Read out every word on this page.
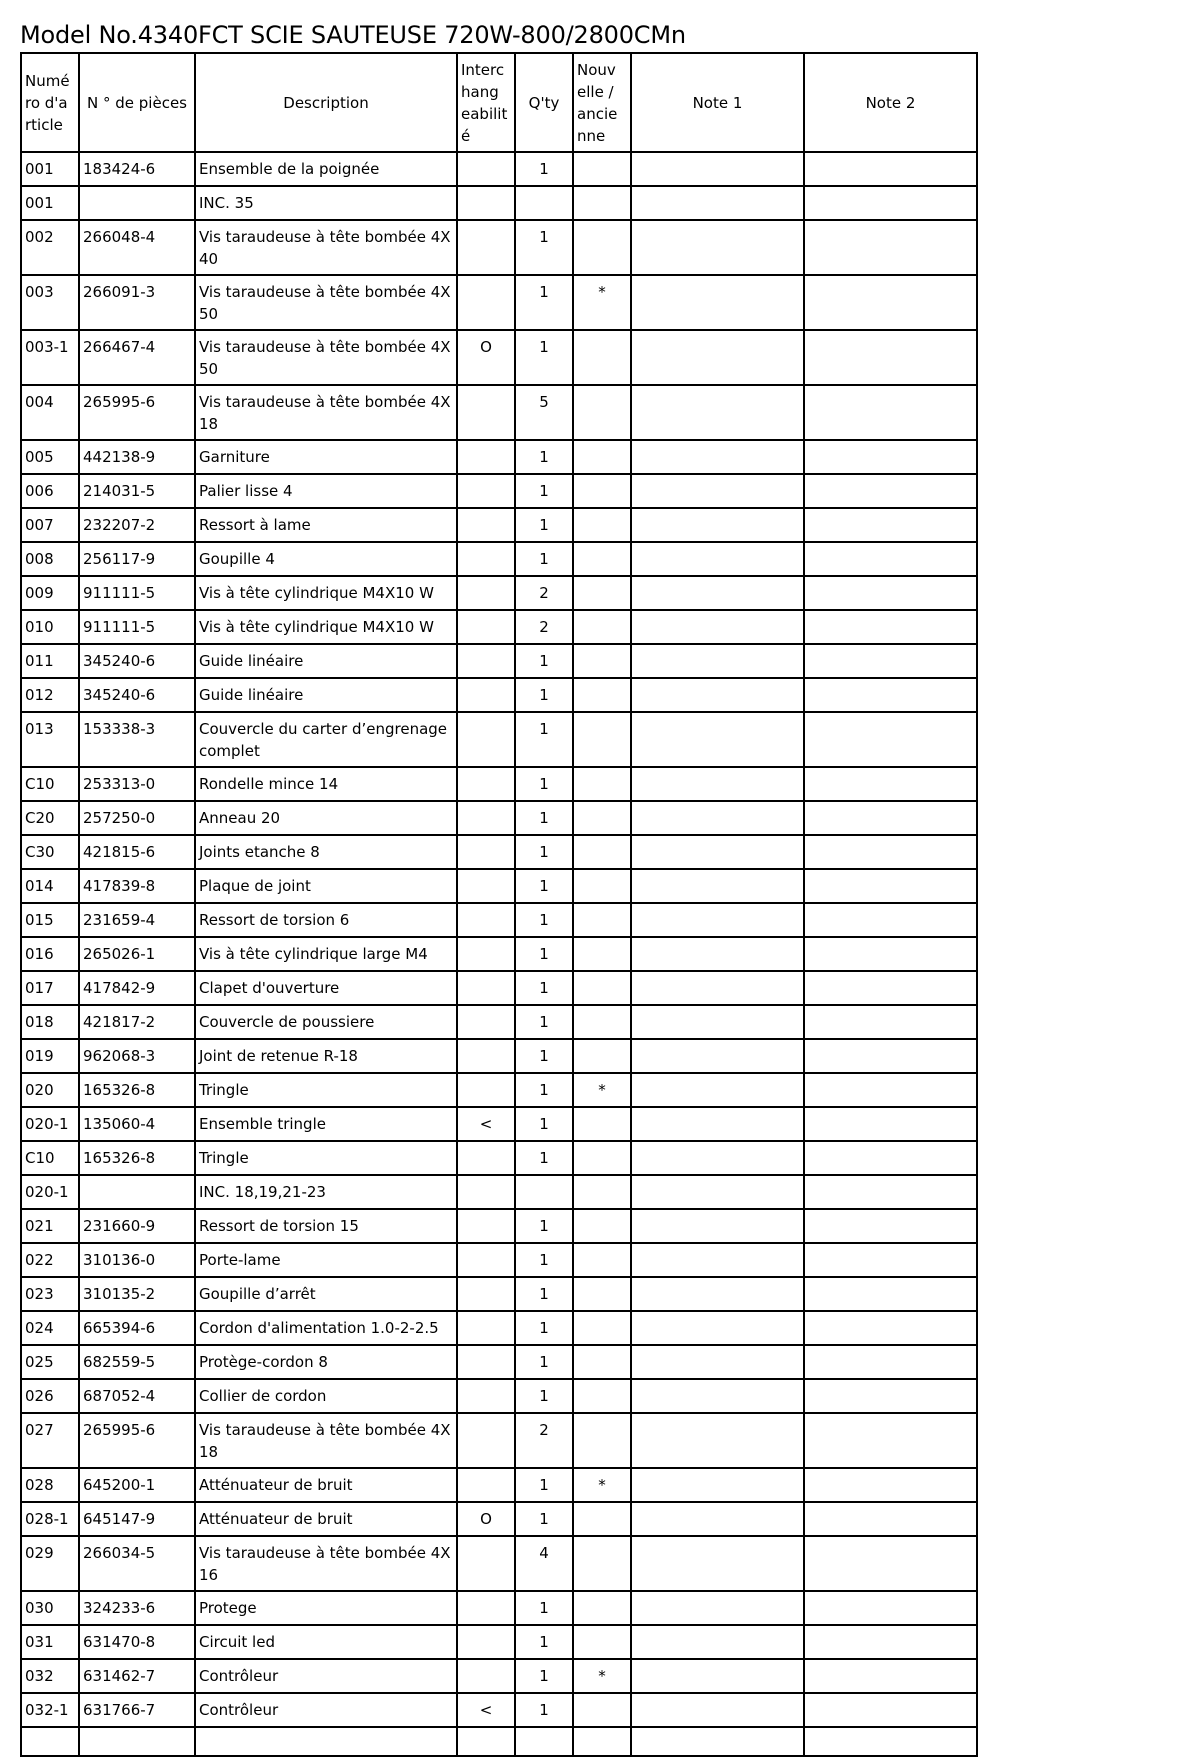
Model No.4340FCT SCIE SAUTEUSE 720W-800/2800CMn
Numé ro d'a rticle	N ° de pièces	Description	Interc hang eabilit é	Q'ty	Nouv elle / ancie nne	Note 1	Note 2
001	183424-6	Ensemble de la poignée		1			
001		INC. 35					
002	266048-4	Vis taraudeuse à tête bombée 4X 40		1			
003	266091-3	Vis taraudeuse à tête bombée 4X 50		1	*		
003-1	266467-4	Vis taraudeuse à tête bombée 4X 50	O	1			
004	265995-6	Vis taraudeuse à tête bombée 4X 18		5			
005	442138-9	Garniture		1			
006	214031-5	Palier lisse 4		1			
007	232207-2	Ressort à lame		1			
008	256117-9	Goupille 4		1			
009	911111-5	Vis à tête cylindrique M4X10 W		2			
010	911111-5	Vis à tête cylindrique M4X10 W		2			
011	345240-6	Guide linéaire		1			
012	345240-6	Guide linéaire		1			
013	153338-3	Couvercle du carter d’engrenage complet		1			
C10	253313-0	Rondelle mince 14		1			
C20	257250-0	Anneau 20		1			
C30	421815-6	Joints etanche 8		1			
014	417839-8	Plaque de joint		1			
015	231659-4	Ressort de torsion 6		1			
016	265026-1	Vis à tête cylindrique large M4		1			
017	417842-9	Clapet d'ouverture		1			
018	421817-2	Couvercle de poussiere		1			
019	962068-3	Joint de retenue R-18		1			
020	165326-8	Tringle		1	*		
020-1	135060-4	Ensemble tringle	<	1			
C10	165326-8	Tringle		1			
020-1		INC. 18,19,21-23					
021	231660-9	Ressort de torsion 15		1			
022	310136-0	Porte-lame		1			
023	310135-2	Goupille d’arrêt		1			
024	665394-6	Cordon d'alimentation 1.0-2-2.5		1			
025	682559-5	Protège-cordon 8		1			
026	687052-4	Collier de cordon		1			
027	265995-6	Vis taraudeuse à tête bombée 4X 18		2			
028	645200-1	Atténuateur de bruit		1	*		
028-1	645147-9	Atténuateur de bruit	O	1			
029	266034-5	Vis taraudeuse à tête bombée 4X 16		4			
030	324233-6	Protege		1			
031	631470-8	Circuit led		1			
032	631462-7	Contrôleur		1	*		
032-1	631766-7	Contrôleur	<	1			
